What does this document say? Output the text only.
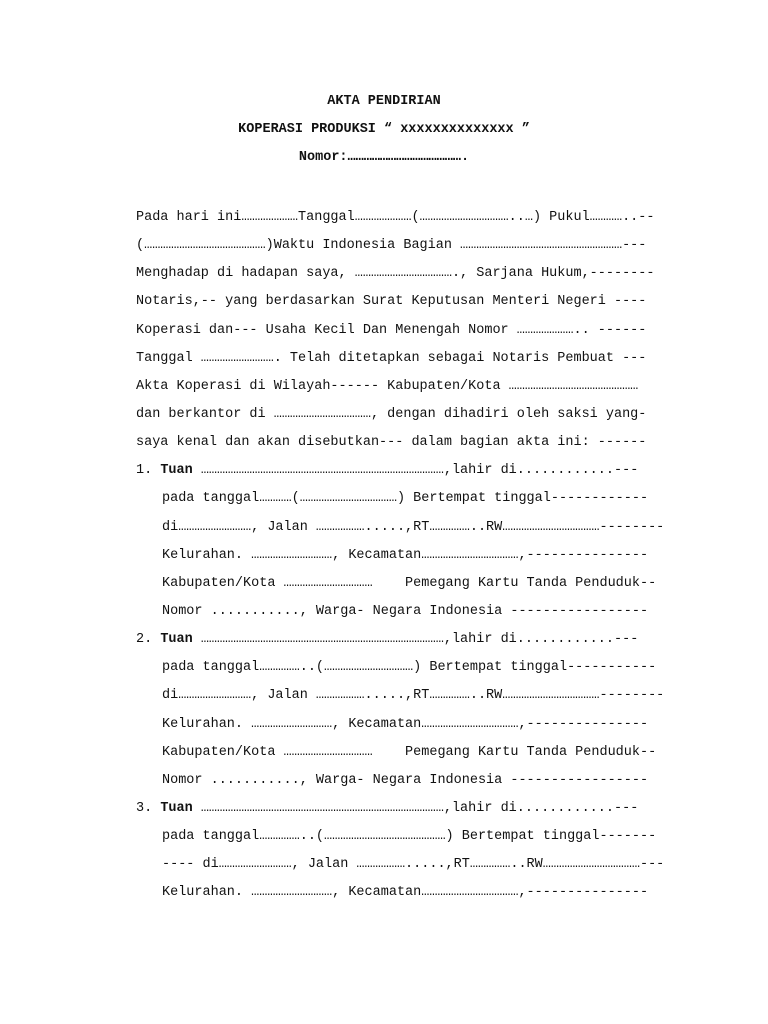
AKTA PENDIRIAN
KOPERASI PRODUKSI “ xxxxxxxxxxxxxx ”
Nomor:…………………………………….
Pada hari ini…………………Tanggal…………………(……………………………..…) Pukul…………..--
(………………………………………)Waktu Indonesia Bagian ……………………………………………………---
Menghadap di hadapan saya, ………………………………., Sarjana Hukum,--------
Notaris,-- yang berdasarkan Surat Keputusan Menteri Negeri ----
Koperasi dan--- Usaha Kecil Dan Menengah Nomor ………………….. ------
Tanggal ………………………. Telah ditetapkan sebagai Notaris Pembuat ---
Akta Koperasi di Wilayah------ Kabupaten/Kota …………………………………………
dan berkantor di ………………………………, dengan dihadiri oleh saksi yang-
saya kenal dan akan disebutkan--- dalam bagian akta ini: ------
1. Tuan ………………………………………………………………………………,lahir di............---
pada tanggal…………(………………………………) Bertempat tinggal------------
di………………………, Jalan ……………….....,RT……………..RW………………………………--------
Kelurahan. …………………………, Kecamatan………………………………,---------------
Kabupaten/Kota ……………………………    Pemegang Kartu Tanda Penduduk--
Nomor ..........., Warga- Negara Indonesia -----------------
2. Tuan ………………………………………………………………………………,lahir di............---
pada tanggal……………..(……………………………) Bertempat tinggal-----------
di………………………, Jalan ……………….....,RT……………..RW………………………………--------
Kelurahan. …………………………, Kecamatan………………………………,---------------
Kabupaten/Kota ……………………………    Pemegang Kartu Tanda Penduduk--
Nomor ..........., Warga- Negara Indonesia -----------------
3. Tuan ………………………………………………………………………………,lahir di............---
pada tanggal……………..(………………………………………) Bertempat tinggal-------
---- di………………………, Jalan ……………….....,RT……………..RW………………………………---
Kelurahan. …………………………, Kecamatan………………………………,---------------
